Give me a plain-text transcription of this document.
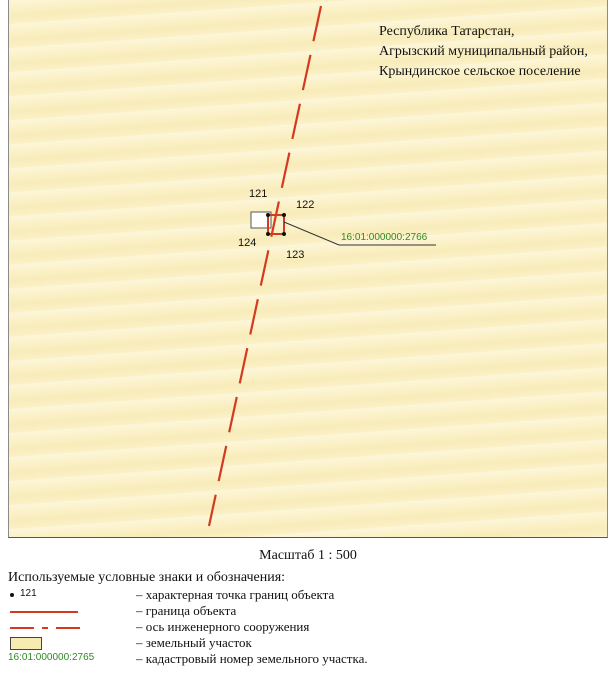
Республика Татарстан,
Агрызский муниципальный район,
Крындинское сельское поселение
121
122
123
124	16:01:000000:2766
Масштаб 1 : 500
Используемые условные знаки и обозначения:
121	– характерная точка границ объекта
– граница объекта
– ось инженерного сооружения
– земельный участок
16:01:000000:2765	– кадастровый номер земельного участка.
